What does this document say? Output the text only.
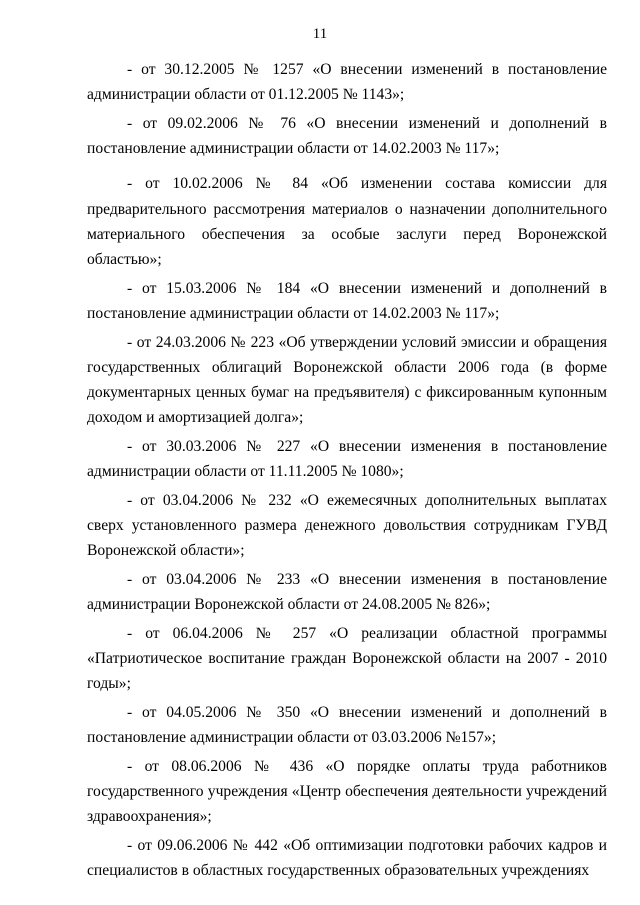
11

- от 30.12.2005 № 1257 «О внесении изменений в постановление администрации области от 01.12.2005 № 1143»;

- от 09.02.2006 № 76 «О внесении изменений и дополнений в постановление администрации области от 14.02.2003 № 117»;

- от 10.02.2006 № 84 «Об изменении состава комиссии для предварительного рассмотрения материалов о назначении дополнительного материального обеспечения за особые заслуги перед Воронежской областью»;

- от 15.03.2006 № 184 «О внесении изменений и дополнений в постановление администрации области от 14.02.2003 № 117»;

- от 24.03.2006 № 223 «Об утверждении условий эмиссии и обращения государственных облигаций Воронежской области 2006 года (в форме документарных ценных бумаг на предъявителя) с фиксированным купонным доходом и амортизацией долга»;

- от 30.03.2006 № 227 «О внесении изменения в постановление администрации области от 11.11.2005 № 1080»;

- от 03.04.2006 № 232 «О ежемесячных дополнительных выплатах сверх установленного размера денежного довольствия сотрудникам ГУВД Воронежской области»;

- от 03.04.2006 № 233 «О внесении изменения в постановление администрации Воронежской области от 24.08.2005 № 826»;

- от 06.04.2006 № 257 «О реализации областной программы «Патриотическое воспитание граждан Воронежской области на 2007 - 2010 годы»;

- от 04.05.2006 № 350 «О внесении изменений и дополнений в постановление администрации области от 03.03.2006 №157»;

- от 08.06.2006 № 436 «О порядке оплаты труда работников государственного учреждения «Центр обеспечения деятельности учреждений здравоохранения»;

- от 09.06.2006 № 442 «Об оптимизации подготовки рабочих кадров и специалистов в областных государственных образовательных учреждениях
